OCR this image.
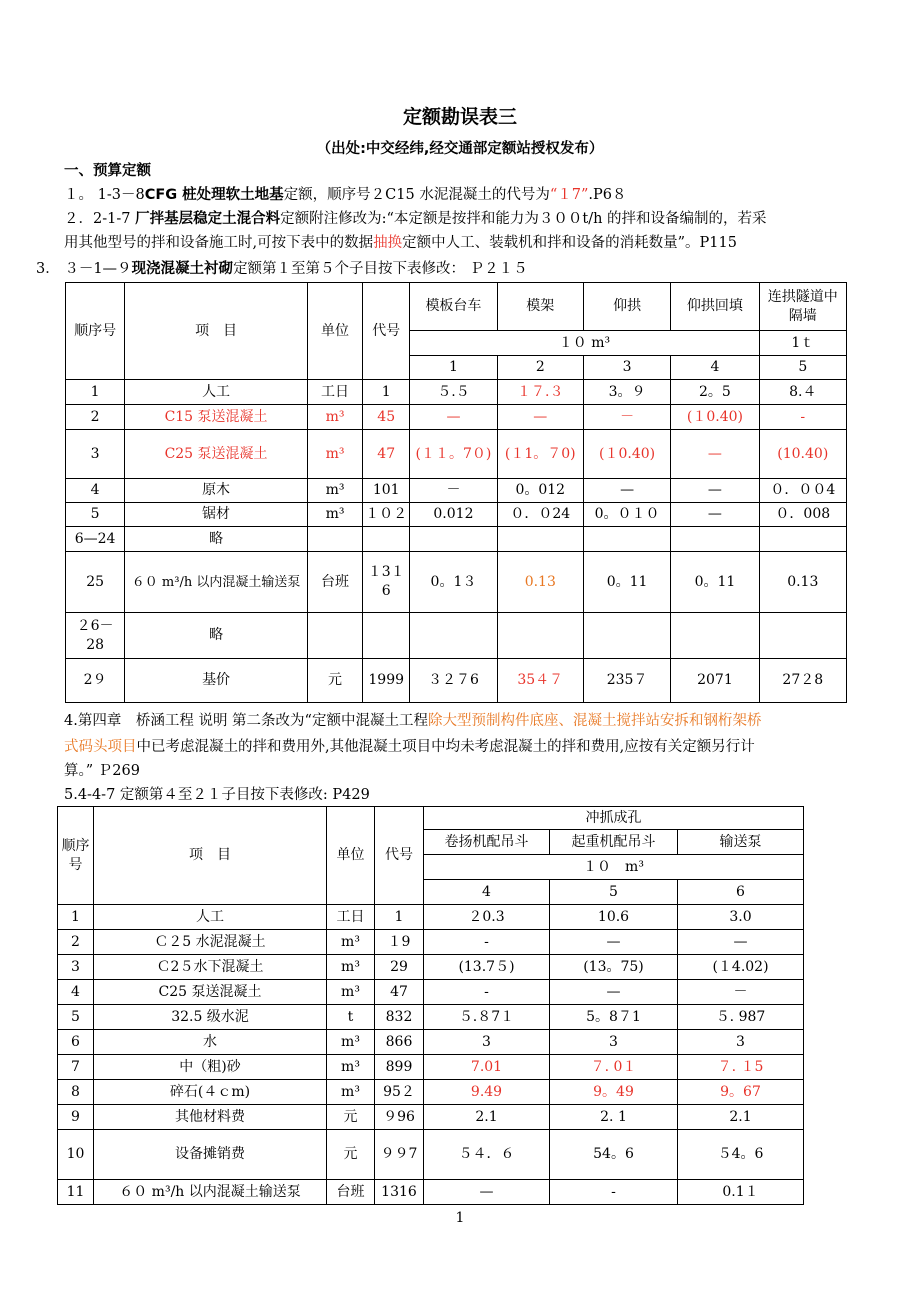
定额勘误表三
（出处:中交经纬,经交通部定额站授权发布）
一、预算定额
１。 1-3－8CFG 桩处理软土地基定额，顺序号２C15 水泥混凝土的代号为“１7”.P6８
２．2-1-7 厂拌基层稳定土混合料定额附注修改为:“本定额是按拌和能力为３００t/h 的拌和设备编制的，若采
用其他型号的拌和设备施工时,可按下表中的数据抽换定额中人工、装载机和拌和设备的消耗数量”。P115
3． ３－1—９现浇混凝土衬砌定额第１至第５个子目按下表修改： Ｐ２１５
顺序号	项　目	单位	代号	模板台车	模架	仰拱	仰拱回填	连拱隧道中隔墙
				１０ m³				1ｔ
				1	2	3	4	5
1	人工	工日	1	５.５	１７.３	3。９	2。5	8.４
2	C15 泵送混凝土	m³	45	—	—	－	(１0.40)	-
3	C25 泵送混凝土	m³	47	(１１。7０)	(１1。７0)	(１0.40)	—	(10.40)
4	原木	m³	101	－	0。012	—	—	０．００4
5	锯材	m³	１０２	0.012	０．０24	0。０１０	—	０．008
6—24	略							
25	６０ m³/h 以内混凝土输送泵	台班	１3１6	0。1３	0.13	0。11	0。11	0.13
２6－28	略							
2９	基价	元	1999	３２７6	35４７	235７	2071	27２8
4.第四章　桥涵工程 说明 第二条改为“定额中混凝土工程除大型预制构件底座、混凝土搅拌站安拆和钢桁架桥
式码头项目中已考虑混凝土的拌和费用外,其他混凝土项目中均未考虑混凝土的拌和费用,应按有关定额另行计
算。” Ｐ269
5.4-4-7 定额第４至２１子目按下表修改: P429
顺序号	项　目	单位	代号	冲抓成孔		
				卷扬机配吊斗	起重机配吊斗	输送泵
				１０　m³		
				4	5	6
1	人工	工日	1	２0.3	10.6	3.0
2	Ｃ２5 水泥混凝土	m³	１9	-	—	—
3	Ｃ2５水下混凝土	m³	29	(13.7５)	(13。75)	(１4.02)
4	C25 泵送混凝土	m³	47	-	—	－
5	32.5 级水泥	t	832	５.８7１	5。8７1	５. 987
6	水	m³	866	3	3	3
7	中（粗)砂	m³	899	7.01	７. 0１	７. １5
8	碎石(４ｃm)	m³	95２	9.49	9。49	9。67
9	其他材料费	元	９96	2.1	2. 1	2.1
10	设备摊销费	元	９９7	５４．６	54。6	５4。6
11	６０ m³/h 以内混凝土输送泵	台班	1316	—	-	0.1１
1
